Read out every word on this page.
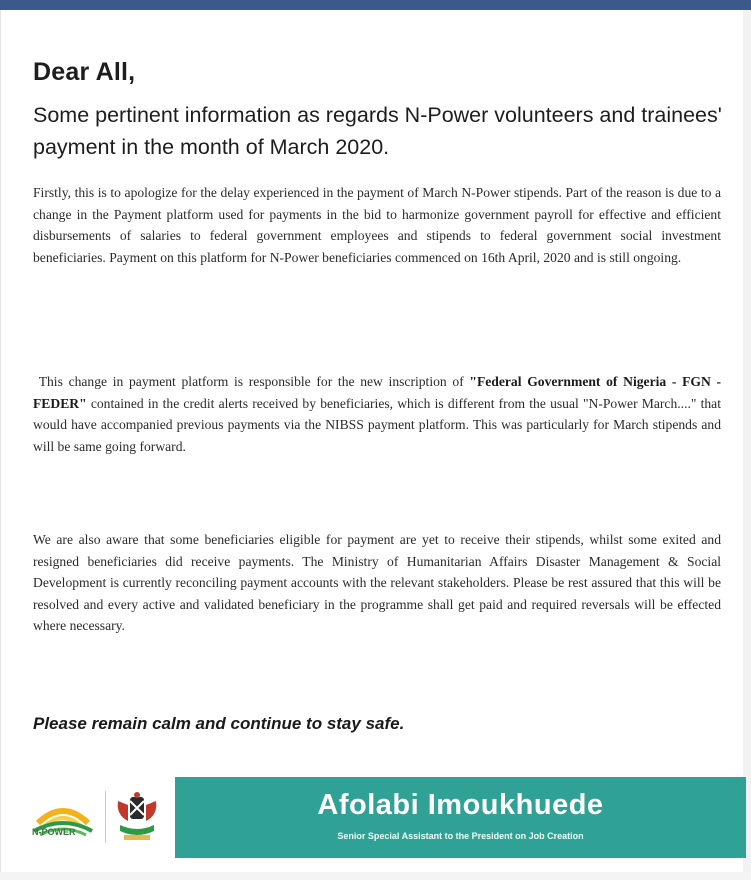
Dear All,
Some pertinent information as regards N-Power volunteers and trainees' payment in the month of March 2020.
Firstly, this is to apologize for the delay experienced in the payment of March N-Power stipends. Part of the reason is due to a change in the Payment platform used for payments in the bid to harmonize government payroll for effective and efficient disbursements of salaries to federal government employees and stipends to federal government social investment beneficiaries. Payment on this platform for N-Power beneficiaries commenced on 16th April, 2020 and is still ongoing.
This change in payment platform is responsible for the new inscription of "Federal Government of Nigeria - FGN - FEDER" contained in the credit alerts received by beneficiaries, which is different from the usual "N-Power March...." that would have accompanied previous payments via the NIBSS payment platform. This was particularly for March stipends and will be same going forward.
We are also aware that some beneficiaries eligible for payment are yet to receive their stipends, whilst some exited and resigned beneficiaries did receive payments. The Ministry of Humanitarian Affairs Disaster Management & Social Development is currently reconciling payment accounts with the relevant stakeholders. Please be rest assured that this will be resolved and every active and validated beneficiary in the programme shall get paid and required reversals will be effected where necessary.
Please remain calm and continue to stay safe.
N-POWER
Afolabi Imoukhuede
Senior Special Assistant to the President on Job Creation
